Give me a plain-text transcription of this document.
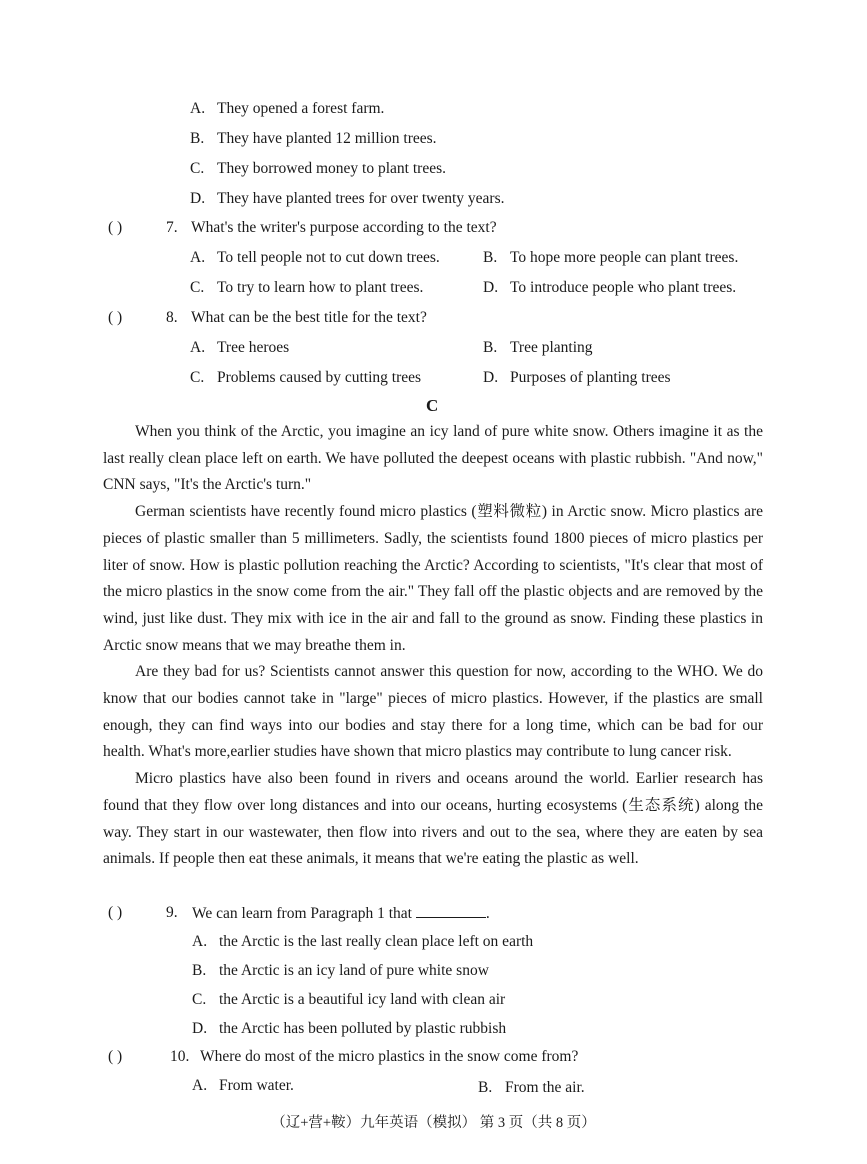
A. They opened a forest farm.
B. They have planted 12 million trees.
C. They borrowed money to plant trees.
D. They have planted trees for over twenty years.
( )	7. What's the writer's purpose according to the text?
A. To tell people not to cut down trees.	B. To hope more people can plant trees.
C. To try to learn how to plant trees.	D. To introduce people who plant trees.
( )	8. What can be the best title for the text?
A. Tree heroes	B. Tree planting
C. Problems caused by cutting trees	D. Purposes of planting trees
C

When you think of the Arctic, you imagine an icy land of pure white snow. Others imagine it as the last really clean place left on earth. We have polluted the deepest oceans with plastic rubbish. "And now," CNN says, "It's the Arctic's turn."

German scientists have recently found micro plastics (塑料微粒) in Arctic snow. Micro plastics are pieces of plastic smaller than 5 millimeters. Sadly, the scientists found 1800 pieces of micro plastics per liter of snow. How is plastic pollution reaching the Arctic? According to scientists, "It's clear that most of the micro plastics in the snow come from the air." They fall off the plastic objects and are removed by the wind, just like dust. They mix with ice in the air and fall to the ground as snow. Finding these plastics in Arctic snow means that we may breathe them in.

Are they bad for us? Scientists cannot answer this question for now, according to the WHO. We do know that our bodies cannot take in "large" pieces of micro plastics. However, if the plastics are small enough, they can find ways into our bodies and stay there for a long time, which can be bad for our health. What's more,earlier studies have shown that micro plastics may contribute to lung cancer risk.

Micro plastics have also been found in rivers and oceans around the world. Earlier research has found that they flow over long distances and into our oceans, hurting ecosystems (生态系统) along the way. They start in our wastewater, then flow into rivers and out to the sea, where they are eaten by sea animals. If people then eat these animals, it means that we're eating the plastic as well.

( )	9. We can learn from Paragraph 1 that	.
A. the Arctic is the last really clean place left on earth
B. the Arctic is an icy land of pure white snow
C. the Arctic is a beautiful icy land with clean air
D. the Arctic has been polluted by plastic rubbish
( )	10. Where do most of the micro plastics in the snow come from?
A. From water.	B. From the air.
（辽+营+鞍）九年英语（模拟） 第 3 页（共 8 页）
